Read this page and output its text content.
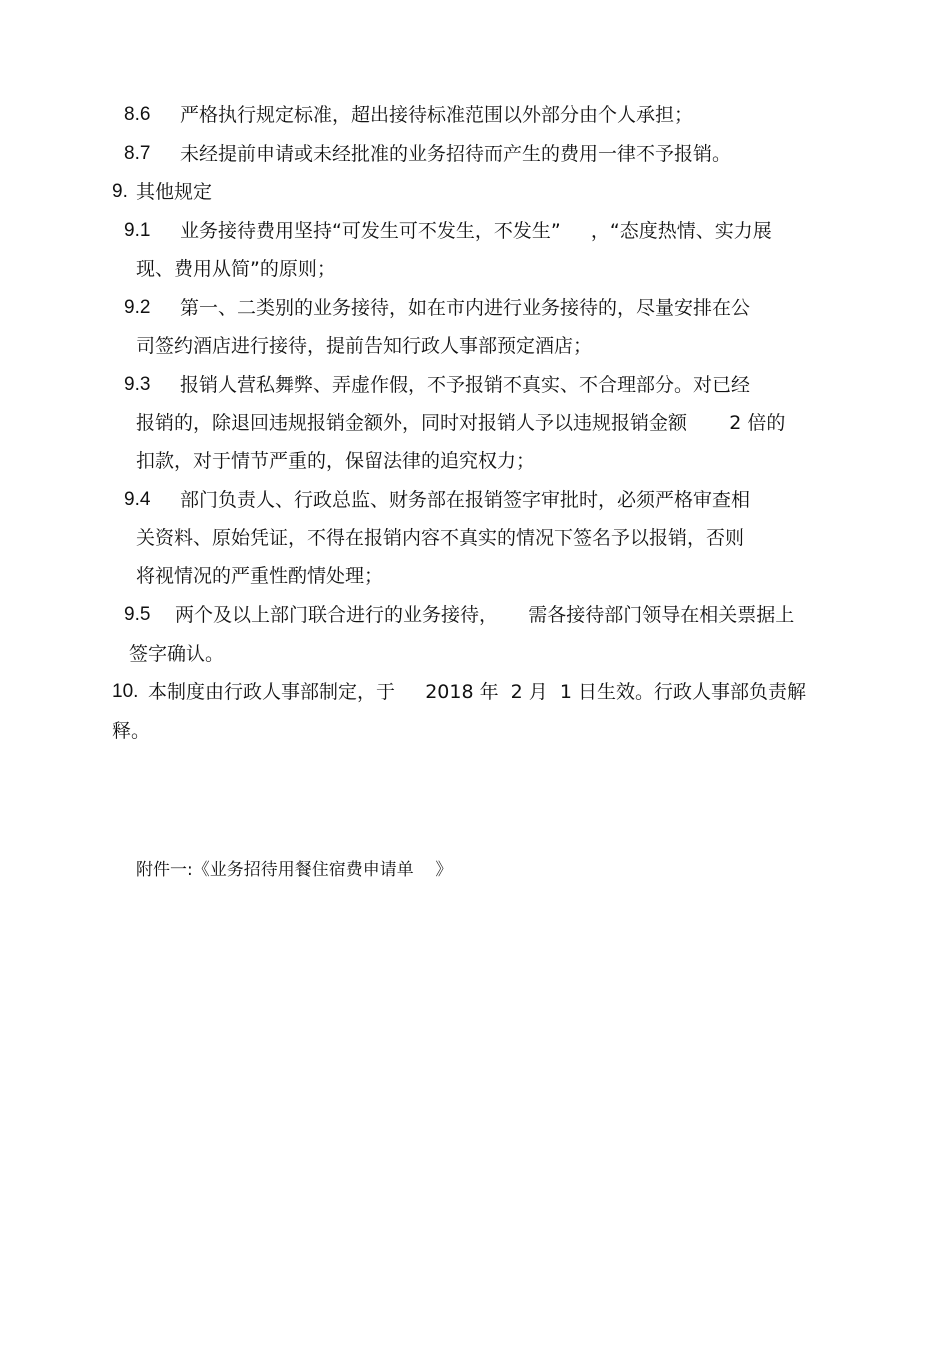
8.6 严格执行规定标准，超出接待标准范围以外部分由个人承担；
8.7 未经提前申请或未经批准的业务招待而产生的费用一律不予报销。
9. 其他规定
9.1 业务接待费用坚持“可发生可不发生，不发生”     ，“态度热情、实力展
现、费用从简”的原则；
9.2 第一、二类别的业务接待，如在市内进行业务接待的，尽量安排在公
司签约酒店进行接待，提前告知行政人事部预定酒店；
9.3 报销人营私舞弊、弄虚作假，不予报销不真实、不合理部分。对已经
报销的，除退回违规报销金额外，同时对报销人予以违规报销金额       2 倍的
扣款，对于情节严重的，保留法律的追究权力；
9.4 部门负责人、行政总监、财务部在报销签字审批时，必须严格审查相
关资料、原始凭证，不得在报销内容不真实的情况下签名予以报销，否则
将视情况的严重性酌情处理；
9.5 两个及以上部门联合进行的业务接待，     需各接待部门领导在相关票据上
签字确认。
10. 本制度由行政人事部制定，于     2018 年  2 月  1 日生效。行政人事部负责解
释。
附件一:《业务招待用餐住宿费申请单    》
